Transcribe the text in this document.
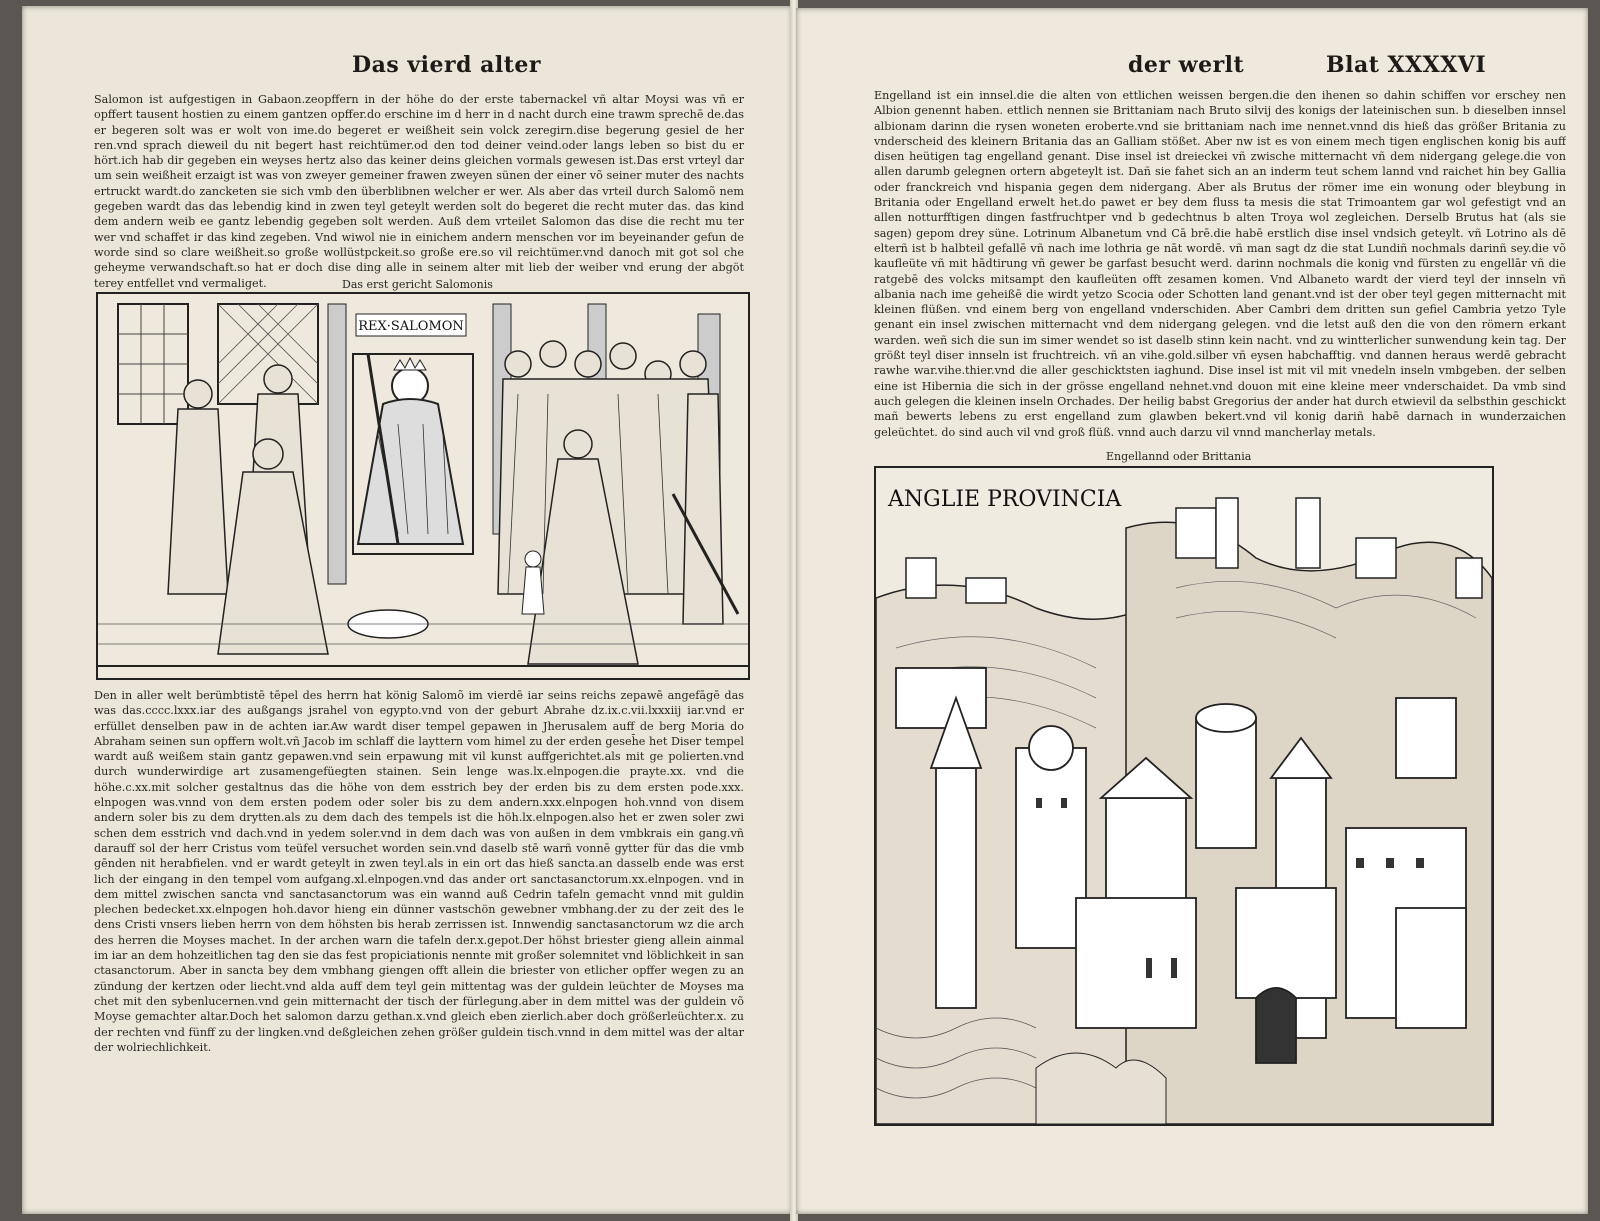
Das vierd alter
Salomon ist aufgestigen in Gabaon.zeopffern in der höhe do der erste tabernackel vñ altar Moysi was vñ er opffert tausent hostien zu einem gantzen opffer.do erschine im d herr in d nacht durch eine trawm sprechē de.das er begeren solt was er wolt von ime.do begeret er weißheit sein volck zeregirn.dise begerung gesiel de her ren.vnd sprach dieweil du nit begert hast reichtümer.od den tod deiner veind.oder langs leben so bist du er hört.ich hab dir gegeben ein weyses hertz also das keiner deins gleichen vormals gewesen ist.Das erst vrteyl dar um sein weißheit erzaigt ist was von zweyer gemeiner frawen zweyen sünen der einer võ seiner muter des nachts ertruckt wardt.do zancketen sie sich vmb den überblibnen welcher er wer. Als aber das vrteil durch Salomõ nem gegeben wardt das das lebendig kind in zwen teyl geteylt werden solt do begeret die recht muter das. das kind dem andern weib ee gantz lebendig gegeben solt werden. Auß dem vrteilet Salomon das dise die recht mu ter wer vnd schaffet ir das kind zegeben. Vnd wiwol nie in einichem andern menschen vor im beyeinander gefun de worde sind so clare weißheit.so große wollüstpckeit.so große ere.so vil reichtümer.vnd danoch mit got sol che geheyme verwandschaft.so hat er doch dise ding alle in seinem alter mit lieb der weiber vnd erung der abgöt terey entfellet vnd vermaliget.	Das erst gericht Salomonis
REX·SALOMON
Den in aller welt berümbtistē tēpel des herrn hat könig Salomõ im vierdē iar seins reichs zepawē angefāgē das was das.cccc.lxxx.iar des außgangs jsrahel von egypto.vnd von der geburt Abrahe dz.ix.c.vii.lxxxiij iar.vnd er erfüllet denselben paw in de achten iar.Aw wardt diser tempel gepawen in Jherusalem auff de berg Moria do Abraham seinen sun opffern wolt.vñ Jacob im schlaff die layttern vom himel zu der erden geseh̄e het Diser tempel wardt auß weißem stain gantz gepawen.vnd sein erpawung mit vil kunst auffgerichtet.als mit ge polierten.vnd durch wunderwirdige art zusamengefüegten stainen. Sein lenge was.lx.elnpogen.die prayte.xx. vnd die höhe.c.xx.mit solcher gestaltnus das die höhe von dem esstrich bey der erden bis zu dem ersten pode.xxx. elnpogen was.vnnd von dem ersten podem oder soler bis zu dem andern.xxx.elnpogen hoh.vnnd von disem andern soler bis zu dem drytten.als zu dem dach des tempels ist die höh.lx.elnpogen.also het er zwen soler zwi schen dem esstrich vnd dach.vnd in yedem soler.vnd in dem dach was von außen in dem vmbkrais ein gang.vñ darauff sol der herr Cristus vom teüfel versuchet worden sein.vnd daselb stē warñ vonnē gytter für das die vmb gēnden nit herabfielen. vnd er wardt geteylt in zwen teyl.als in ein ort das hieß sancta.an dasselb ende was erst lich der eingang in den tempel vom aufgang.xl.elnpogen.vnd das ander ort sanctasanctorum.xx.elnpogen. vnd in dem mittel zwischen sancta vnd sanctasanctorum was ein wannd auß Cedrin tafeln gemacht vnnd mit guldin plechen bedecket.xx.elnpogen hoh.davor hieng ein dünner vastschön gewebner vmbhang.der zu der zeit des le dens Cristi vnsers lieben herrn von dem höhsten bis herab zerrissen ist. Innwendig sanctasanctorum wz die arch des herren die Moyses machet. In der archen warn die tafeln der.x.gepot.Der höhst briester gieng allein ainmal im iar an dem hohzeitlichen tag den sie das fest propiciationis nennte mit großer solemnitet vnd löblichkeit in san ctasanctorum. Aber in sancta bey dem vmbhang giengen offt allein die briester von etlicher opffer wegen zu an zündung der kertzen oder liecht.vnd alda auff dem teyl gein mittentag was der guldein leüchter de Moyses ma chet mit den sybenlucernen.vnd gein mitternacht der tisch der fürlegung.aber in dem mittel was der guldein võ Moyse gemachter altar.Doch het salomon darzu gethan.x.vnd gleich eben zierlich.aber doch größerleüchter.x. zu der rechten vnd fünff zu der lingken.vnd deßgleichen zehen größer guldein tisch.vnnd in dem mittel was der altar der wolriechlichkeit.
der werlt	Blat XXXXVI
Engelland ist ein innsel.die die alten von ettlichen weissen bergen.die den ihenen so dahin schiffen vor erschey nen Albion genennt haben. ettlich nennen sie Brittaniam nach Bruto silvij des konigs der lateinischen sun. b dieselben innsel albionam darinn die rysen woneten eroberte.vnd sie brittaniam nach ime nennet.vnnd dis hieß das größer Britania zu vnderscheid des kleinern Britania das an Galliam stößet. Aber nw ist es von einem mech tigen englischen konig bis auff disen heütigen tag engelland genant. Dise insel ist dreieckei vñ zwische mitternacht vñ dem nidergang gelege.die von allen darumb gelegnen ortern abgeteylt ist. Dañ sie fahet sich an an inderm teut schem lannd vnd raichet hin bey Gallia oder franckreich vnd hispania gegen dem nidergang. Aber als Brutus der römer ime ein wonung oder bleybung in Britania oder Engelland erwelt het.do pawet er bey dem fluss ta mesis die stat Trimoantem gar wol gefestigt vnd an allen notturfftigen dingen fastfruchtper vnd b gedechtnus b alten Troya wol zegleichen. Derselb Brutus hat (als sie sagen) gepom drey süne. Lotrinum Albanetum vnd Cā brē.die habē erstlich dise insel vndsich geteylt. vñ Lotrino als dē elterñ ist b halbteil gefallē vñ nach ime lothria ge nāt wordē. vñ man sagt dz die stat Lundiñ nochmals darinñ sey.die võ kaufleüte vñ mit hādtirung vñ gewer be garfast besucht werd. darinn nochmals die konig vnd fürsten zu engellār vñ die ratgebē des volcks mitsampt den kaufleüten offt zesamen komen. Vnd Albaneto wardt der vierd teyl der innseln vñ albania nach ime geheißē die wirdt yetzo Scocia oder Schotten land genant.vnd ist der ober teyl gegen mitternacht mit kleinen flüßen. vnd einem berg von engelland vnderschiden. Aber Cambri dem dritten sun gefiel Cambria yetzo Tyle genant ein insel zwischen mitternacht vnd dem nidergang gelegen. vnd die letst auß den die von den römern erkant warden. weñ sich die sun im simer wendet so ist daselb stinn kein nacht. vnd zu wintterlicher sunwendung kein tag. Der größt teyl diser innseln ist fruchtreich. vñ an vihe.gold.silber vñ eysen habchafftig. vnd dannen heraus werdē gebracht rawhe war.vihe.thier.vnd die aller geschicktsten iaghund. Dise insel ist mit vil mit vnedeln inseln vmbgeben. der selben eine ist Hibernia die sich in der grösse engelland nehnet.vnd douon mit eine kleine meer vnderschaidet. Da vmb sind auch gelegen die kleinen inseln Orchades. Der heilig babst Gregorius der ander hat durch etwievil da selbsthin geschickt mañ bewerts lebens zu erst engelland zum glawben bekert.vnd vil konig dariñ habē darnach in wunderzaichen geleüchtet. do sind auch vil vnd groß flüß. vnnd auch darzu vil vnnd mancherlay metals.
Engellannd oder Brittania
ANGLIE PROVINCIA
